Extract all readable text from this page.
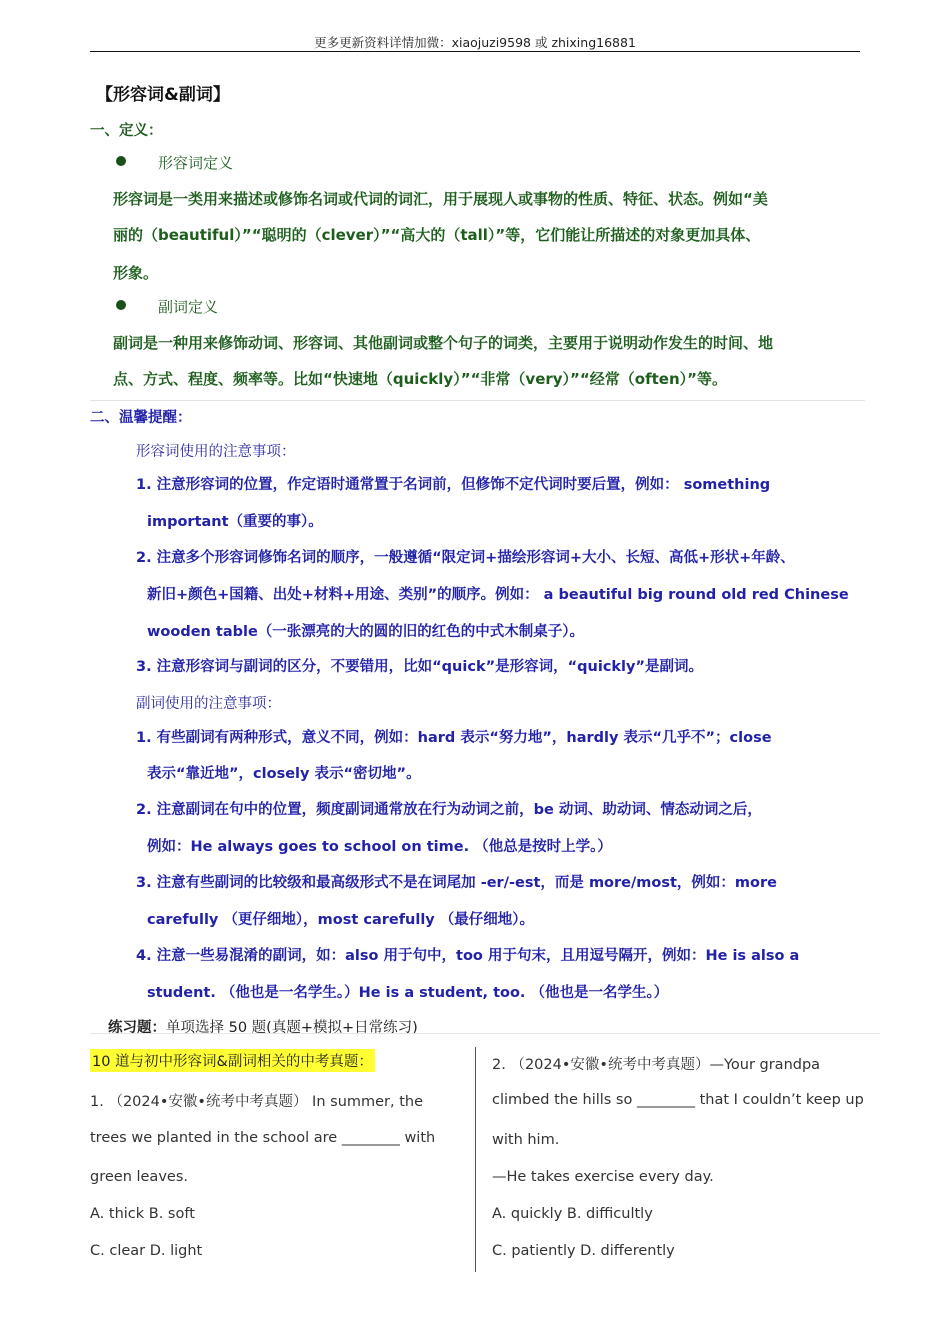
更多更新资料详情加微：xiaojuzi9598 或 zhixing16881
【形容词&副词】
一、定义：
形容词定义
形容词是一类用来描述或修饰名词或代词的词汇，用于展现人或事物的性质、特征、状态。例如“美
丽的（beautiful）”“聪明的（clever）”“高大的（tall）”等，它们能让所描述的对象更加具体、
形象。
副词定义
副词是一种用来修饰动词、形容词、其他副词或整个句子的词类，主要用于说明动作发生的时间、地
点、方式、程度、频率等。比如“快速地（quickly）”“非常（very）”“经常（often）”等。
二、温馨提醒：
形容词使用的注意事项：
1. 注意形容词的位置，作定语时通常置于名词前，但修饰不定代词时要后置，例如： something
important（重要的事）。
2. 注意多个形容词修饰名词的顺序，一般遵循“限定词+描绘形容词+大小、长短、高低+形状+年龄、
新旧+颜色+国籍、出处+材料+用途、类别”的顺序。例如： a beautiful big round old red Chinese
wooden table（一张漂亮的大的圆的旧的红色的中式木制桌子）。
3. 注意形容词与副词的区分，不要错用，比如“quick”是形容词，“quickly”是副词。
副词使用的注意事项：
1. 有些副词有两种形式，意义不同，例如：hard 表示“努力地”，hardly 表示“几乎不”；close
表示“靠近地”，closely 表示“密切地”。
2. 注意副词在句中的位置，频度副词通常放在行为动词之前，be 动词、助动词、情态动词之后，
例如：He always goes to school on time. （他总是按时上学。）
3. 注意有些副词的比较级和最高级形式不是在词尾加 -er/-est，而是 more/most，例如：more
carefully （更仔细地），most carefully （最仔细地）。
4. 注意一些易混淆的副词，如：also 用于句中，too 用于句末，且用逗号隔开，例如：He is also a
student. （他也是一名学生。）He is a student, too. （他也是一名学生。）
练习题：单项选择 50 题(真题+模拟+日常练习)
10 道与初中形容词&副词相关的中考真题：
1. （2024•安徽•统考中考真题） In summer, the
trees we planted in the school are ________ with
green leaves.
A. thick B. soft
C. clear D. light
2. （2024•安徽•统考中考真题）—Your grandpa
climbed the hills so ________ that I couldn’t keep up
with him.
—He takes exercise every day.
A. quickly B. difficultly
C. patiently D. differently
